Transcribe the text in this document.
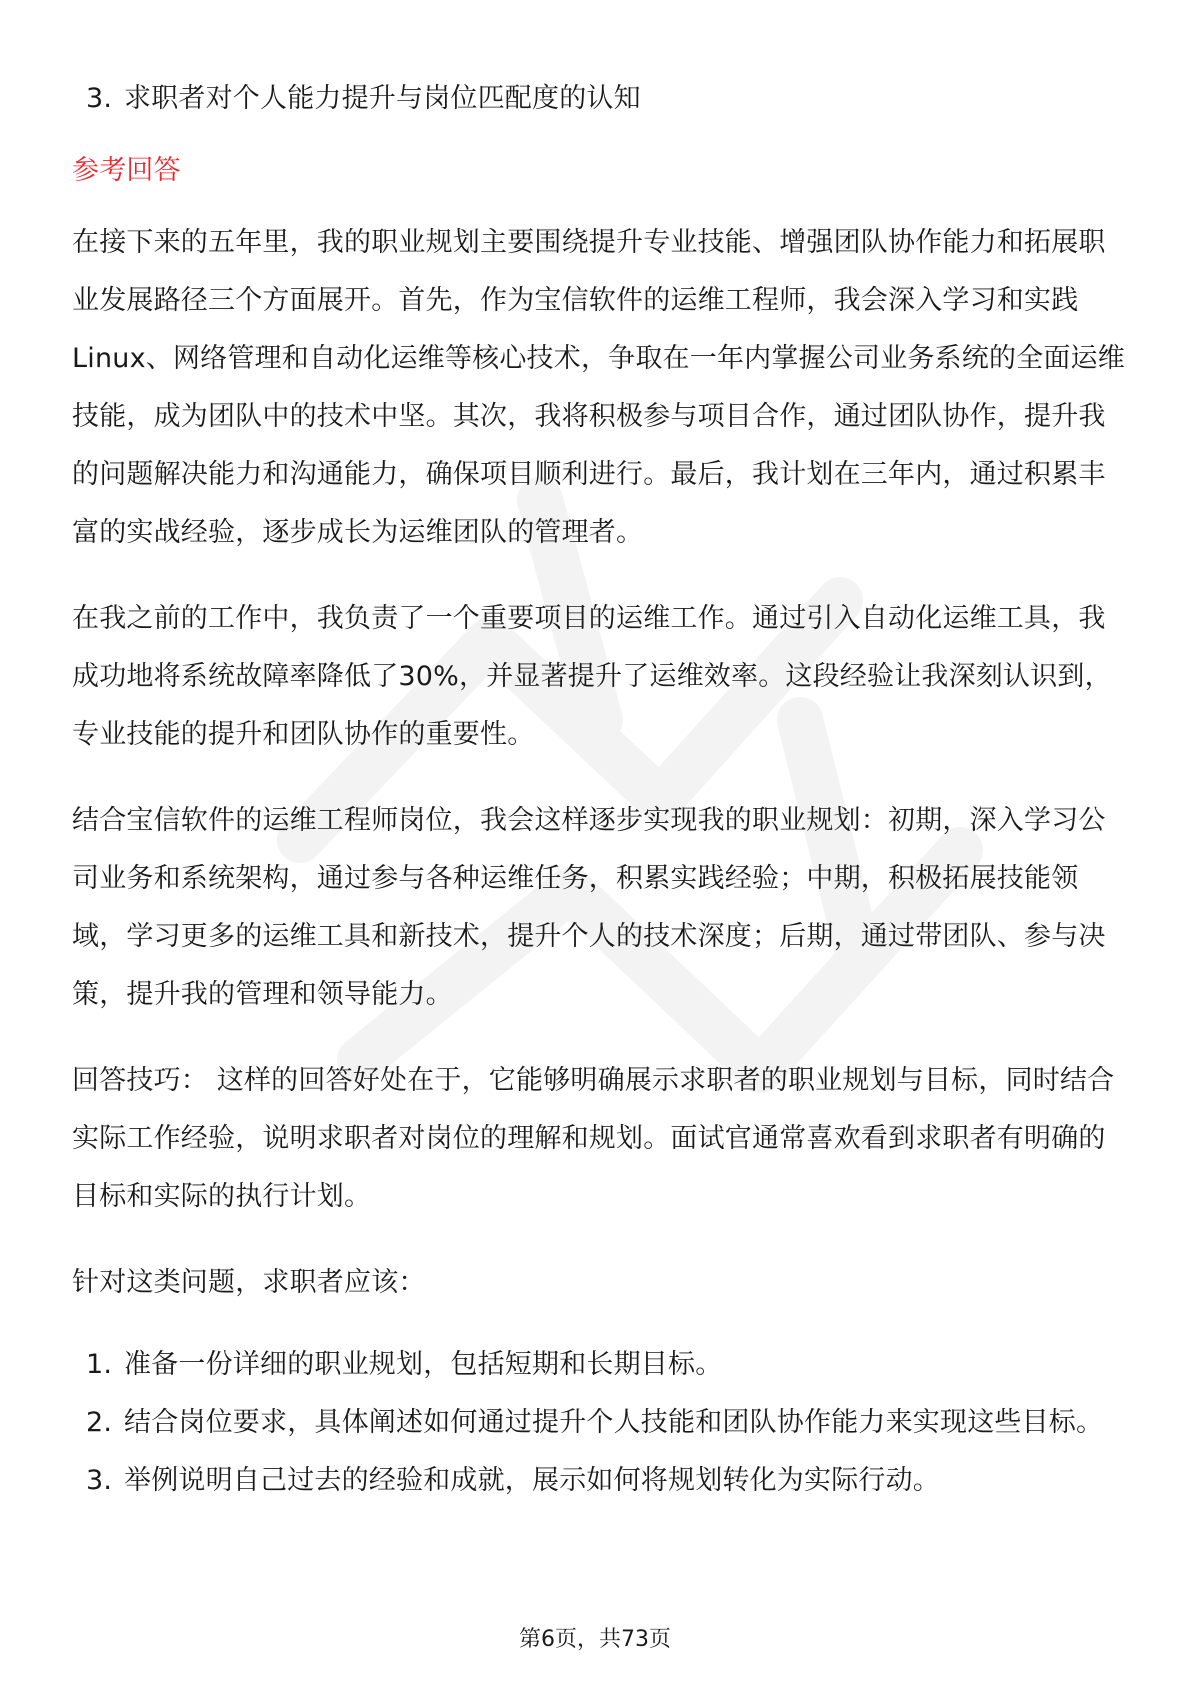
3. 求职者对个人能力提升与岗位匹配度的认知
参考回答

在接下来的五年里，我的职业规划主要围绕提升专业技能、增强团队协作能力和拓展职业发展路径三个方面展开。首先，作为宝信软件的运维工程师，我会深入学习和实践Linux、网络管理和自动化运维等核心技术，争取在一年内掌握公司业务系统的全面运维技能，成为团队中的技术中坚。其次，我将积极参与项目合作，通过团队协作，提升我的问题解决能力和沟通能力，确保项目顺利进行。最后，我计划在三年内，通过积累丰富的实战经验，逐步成长为运维团队的管理者。

在我之前的工作中，我负责了一个重要项目的运维工作。通过引入自动化运维工具，我成功地将系统故障率降低了30%，并显著提升了运维效率。这段经验让我深刻认识到，专业技能的提升和团队协作的重要性。

结合宝信软件的运维工程师岗位，我会这样逐步实现我的职业规划：初期，深入学习公司业务和系统架构，通过参与各种运维任务，积累实践经验；中期，积极拓展技能领域，学习更多的运维工具和新技术，提升个人的技术深度；后期，通过带团队、参与决策，提升我的管理和领导能力。

回答技巧： 这样的回答好处在于，它能够明确展示求职者的职业规划与目标，同时结合实际工作经验，说明求职者对岗位的理解和规划。面试官通常喜欢看到求职者有明确的目标和实际的执行计划。

针对这类问题，求职者应该：

1. 准备一份详细的职业规划，包括短期和长期目标。
2. 结合岗位要求，具体阐述如何通过提升个人技能和团队协作能力来实现这些目标。
3. 举例说明自己过去的经验和成就，展示如何将规划转化为实际行动。
第6页，共73页
